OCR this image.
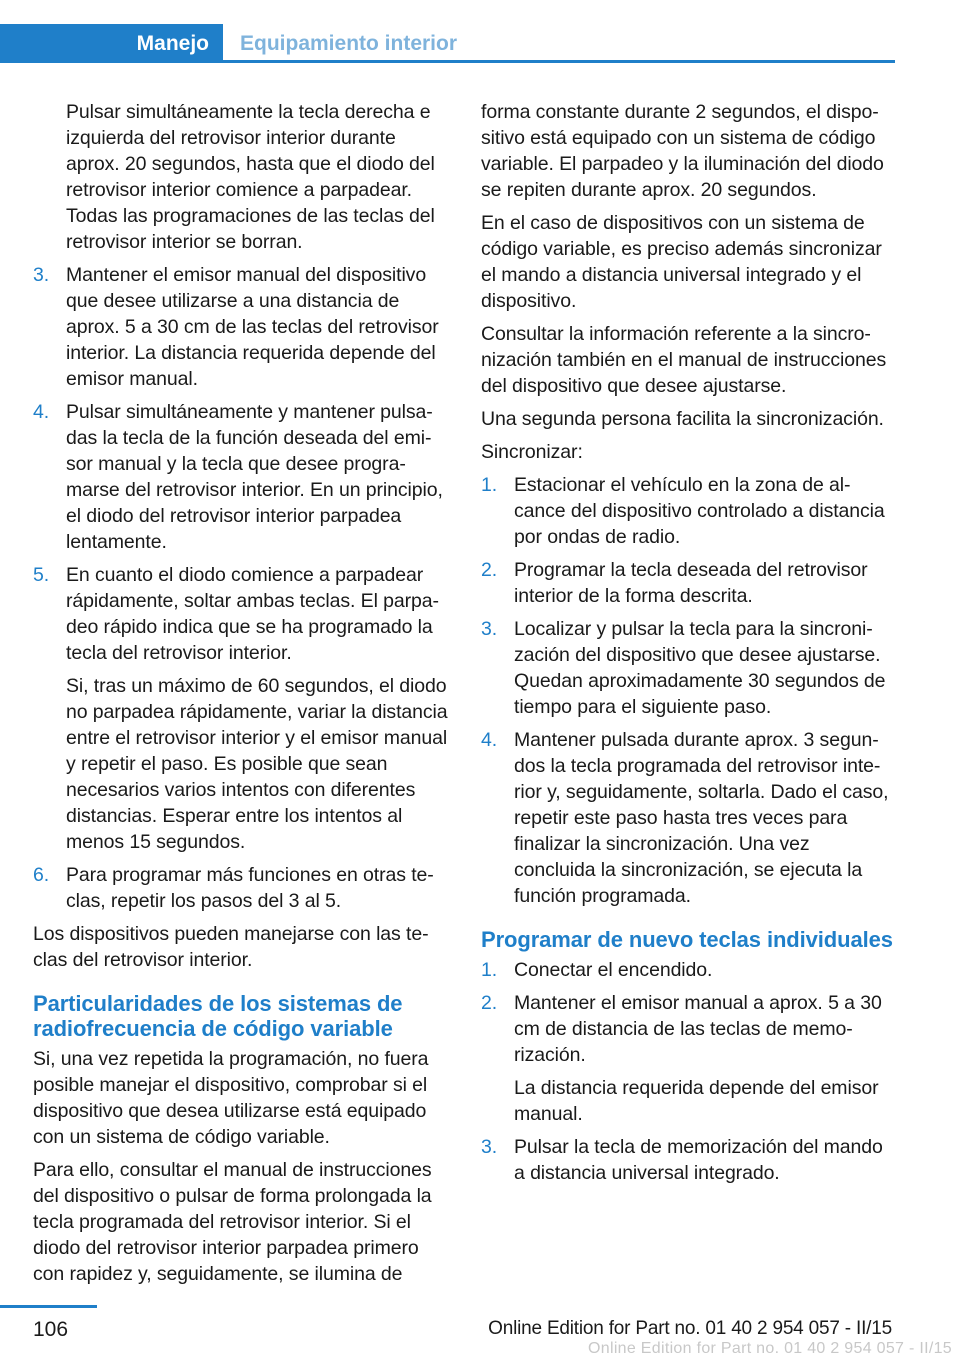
Manejo	Equipamiento interior

Pulsar simultáneamente la tecla derecha e izquierda del retrovisor interior durante aprox. 20 segundos, hasta que el diodo del retrovisor interior comience a parpadear. Todas las programaciones de las teclas del retrovisor interior se borran.

3. Mantener el emisor manual del dispositivo que desee utilizarse a una distancia de aprox. 5 a 30 cm de las teclas del retrovisor interior. La distancia requerida depende del emisor manual.

4. Pulsar simultáneamente y mantener pulsadas la tecla de la función deseada del emisor manual y la tecla que desee programarse del retrovisor interior. En un principio, el diodo del retrovisor interior parpadea lentamente.

5. En cuanto el diodo comience a parpadear rápidamente, soltar ambas teclas. El parpadeo rápido indica que se ha programado la tecla del retrovisor interior.

Si, tras un máximo de 60 segundos, el diodo no parpadea rápidamente, variar la distancia entre el retrovisor interior y el emisor manual y repetir el paso. Es posible que sean necesarios varios intentos con diferentes distancias. Esperar entre los intentos al menos 15 segundos.

6. Para programar más funciones en otras teclas, repetir los pasos del 3 al 5.

Los dispositivos pueden manejarse con las teclas del retrovisor interior.

Particularidades de los sistemas de radiofrecuencia de código variable

Si, una vez repetida la programación, no fuera posible manejar el dispositivo, comprobar si el dispositivo que desea utilizarse está equipado con un sistema de código variable.

Para ello, consultar el manual de instrucciones del dispositivo o pulsar de forma prolongada la tecla programada del retrovisor interior. Si el diodo del retrovisor interior parpadea primero con rapidez y, seguidamente, se ilumina de

forma constante durante 2 segundos, el dispositivo está equipado con un sistema de código variable. El parpadeo y la iluminación del diodo se repiten durante aprox. 20 segundos.

En el caso de dispositivos con un sistema de código variable, es preciso además sincronizar el mando a distancia universal integrado y el dispositivo.

Consultar la información referente a la sincronización también en el manual de instrucciones del dispositivo que desee ajustarse.

Una segunda persona facilita la sincronización.

Sincronizar:

1. Estacionar el vehículo en la zona de alcance del dispositivo controlado a distancia por ondas de radio.

2. Programar la tecla deseada del retrovisor interior de la forma descrita.

3. Localizar y pulsar la tecla para la sincronización del dispositivo que desee ajustarse. Quedan aproximadamente 30 segundos de tiempo para el siguiente paso.

4. Mantener pulsada durante aprox. 3 segundos la tecla programada del retrovisor interior y, seguidamente, soltarla. Dado el caso, repetir este paso hasta tres veces para finalizar la sincronización. Una vez concluida la sincronización, se ejecuta la función programada.

Programar de nuevo teclas individuales
1. Conectar el encendido.

2. Mantener el emisor manual a aprox. 5 a 30 cm de distancia de las teclas de memorización.

La distancia requerida depende del emisor manual.

3. Pulsar la tecla de memorización del mando a distancia universal integrado.

106	Online Edition for Part no. 01 40 2 954 057 - II/15
Online Edition for Part no. 01 40 2 954 057 - II/15
